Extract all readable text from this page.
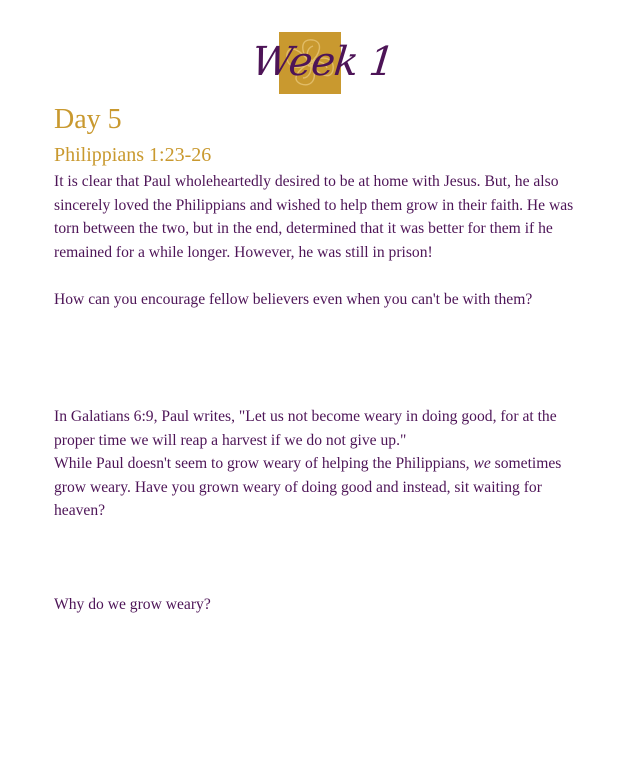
Week 1
Day 5
Philippians 1:23-26

It is clear that Paul wholeheartedly desired to be at home with Jesus. But, he also sincerely loved the Philippians and wished to help them grow in their faith. He was torn between the two, but in the end, determined that it was better for them if he remained for a while longer. However, he was still in prison!

How can you encourage fellow believers even when you can't be with them?

In Galatians 6:9, Paul writes, "Let us not become weary in doing good, for at the proper time we will reap a harvest if we do not give up."

While Paul doesn't seem to grow weary of helping the Philippians, we sometimes grow weary. Have you grown weary of doing good and instead, sit waiting for heaven?

Why do we grow weary?
